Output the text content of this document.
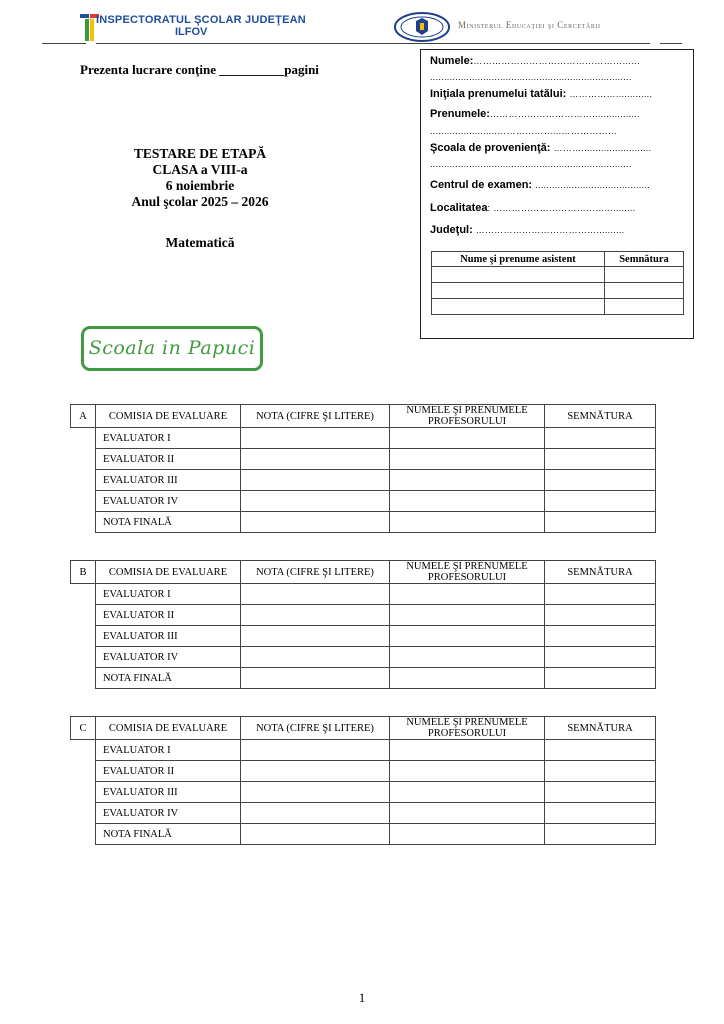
INSPECTORATUL ŞCOLAR JUDEŢEAN
ILFOV
Ministerul Educaţiei şi Cercetării
Prezenta lucrare conţine __________pagini
TESTARE DE ETAPĂ
CLASA a VIII-a
6 noiembrie
Anul şcolar 2025 – 2026
Matematică
Numele:……………………………………………...
........................................................................
Iniţiala prenumelui tatălui: …………….............
Prenumele:…………………………….................
........................………………...………………
Şcoala de provenienţă: ……….........................
........................................................................
Centrul de examen: .........................................
Localitatea: ………………………………...........
Judeţul: …………………………………..........
Nume şi prenume asistent	Semnătura

Scoala in Papuci
A	COMISIA DE EVALUARE	NOTA (CIFRE ŞI LITERE)	NUMELE ŞI PRENUMELE PROFESORULUI	SEMNĂTURA
	EVALUATOR I			
	EVALUATOR II			
	EVALUATOR III			
	EVALUATOR IV			
	NOTA FINALĂ			
B	COMISIA DE EVALUARE	NOTA (CIFRE ŞI LITERE)	NUMELE ŞI PRENUMELE PROFESORULUI	SEMNĂTURA
	EVALUATOR I			
	EVALUATOR II			
	EVALUATOR III			
	EVALUATOR IV			
	NOTA FINALĂ			
C	COMISIA DE EVALUARE	NOTA (CIFRE ŞI LITERE)	NUMELE ŞI PRENUMELE PROFESORULUI	SEMNĂTURA
	EVALUATOR I			
	EVALUATOR II			
	EVALUATOR III			
	EVALUATOR IV			
	NOTA FINALĂ			
1
